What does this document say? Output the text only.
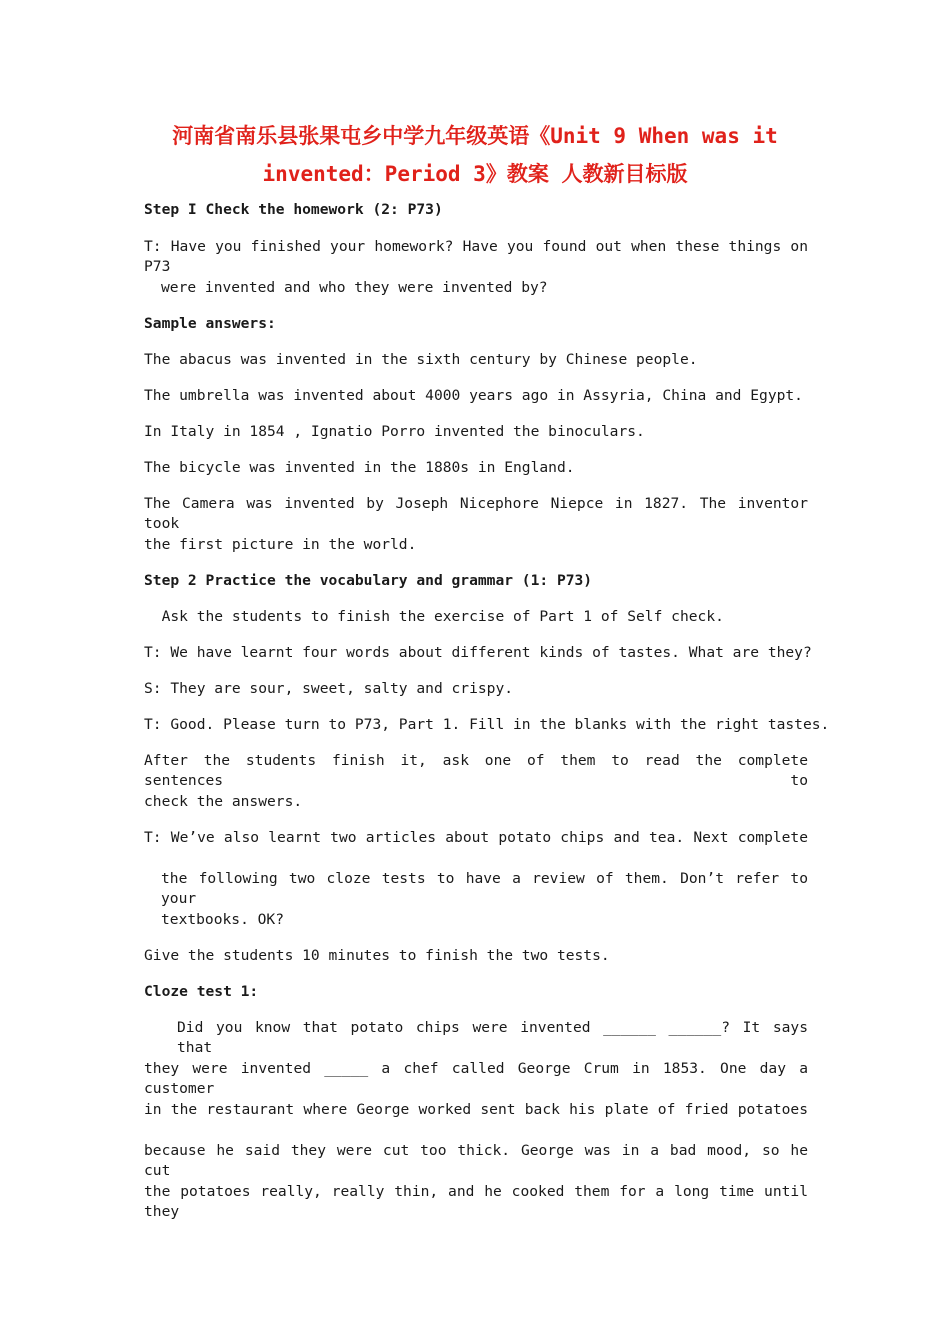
河南省南乐县张果屯乡中学九年级英语《Unit 9 When was it
invented：Period 3》教案 人教新目标版
Step I Check the homework (2: P73)
T: Have you finished your homework? Have you found out when these things on P73
were invented and who they were invented by?
Sample answers:
The abacus was invented in the sixth century by Chinese people.
The umbrella was invented about 4000 years ago in Assyria, China and Egypt.
In Italy in 1854 , Ignatio Porro invented the binoculars.
The bicycle was invented in the 1880s in England.
The Camera was invented by Joseph Nicephore Niepce in 1827. The inventor took
the first picture in the world.
Step 2 Practice the vocabulary and grammar (1: P73)
Ask the students to finish the exercise of Part 1 of Self check.
T: We have learnt four words about different kinds of tastes. What are they?
S: They are sour, sweet, salty and crispy.
T: Good. Please turn to P73, Part 1. Fill in the blanks with the right tastes.
After the students finish it, ask one of them to read the complete sentences to
check the answers.
T: We’ve also learnt two articles about potato chips and tea. Next complete
the following two cloze tests to have a review of them. Don’t refer to your
textbooks. OK?
Give the students 10 minutes to finish the two tests.
Cloze test 1:
Did you know that potato chips were invented ______ ______? It says that
they were invented _____ a chef called George Crum in 1853. One day a customer
in the restaurant where George worked sent back his plate of fried potatoes
because he said they were cut too thick. George was in a bad mood, so he cut
the potatoes really, really thin, and he cooked them for a long time until they
